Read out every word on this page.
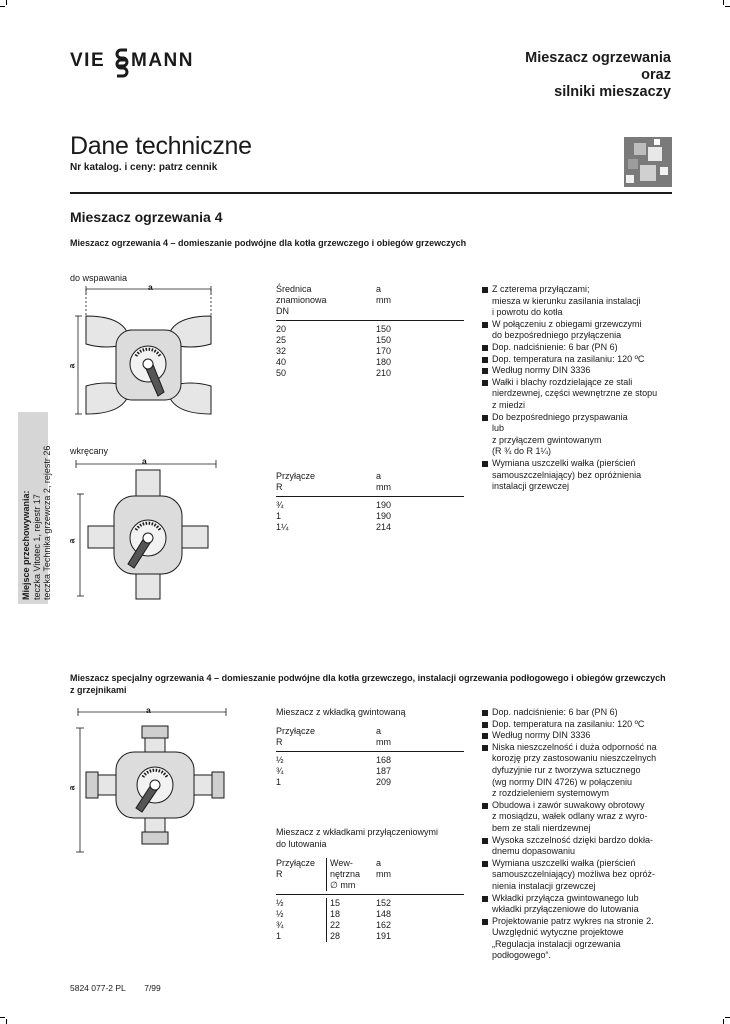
VIE MANN	Mieszacz ogrzewania
oraz
silniki mieszaczy
Dane techniczne
Nr katalog. i ceny: patrz cennik
Mieszacz ogrzewania 4
Mieszacz ogrzewania 4 – domieszanie podwójne dla kotła grzewczego i obiegów grzewczych
Miejsce przechowywania: teczka Vitotec 1, rejestr 17 teczka Technika grzewcza 2, rejestr 26
do wspawania
a
a
Średnica
znamionowa
DN
a
mm
20	150
25	150
32	170
40	180
50	210
wkręcany
a
a
Przyłącze
R
a
mm
¾	190
1	190
1¼	214
Z czterema przyłączami;
miesza w kierunku zasilania instalacji
i powrotu do kotła
W połączeniu z obiegami grzewczymi
do bezpośredniego przyłączenia
Dop. nadciśnienie: 6 bar (PN 6)
Dop. temperatura na zasilaniu: 120 ºC
Według normy DIN 3336
Wałki i blachy rozdzielające ze stali
nierdzewnej, części wewnętrzne ze stopu
z miedzi
Do bezpośredniego przyspawania
lub
z przyłączem gwintowanym
(R ¾ do R 1¼)
Wymiana uszczelki wałka (pierścień
samouszczelniający) bez opróżnienia
instalacji grzewczej
Mieszacz specjalny ogrzewania 4 – domieszanie podwójne dla kotła grzewczego, instalacji ogrzewania podłogowego i obiegów grzewczych z grzejnikami
a
a
Mieszacz z wkładką gwintowaną
Przyłącze
R
a
mm
½	168
¾	187
1	209
Mieszacz z wkładkami przyłączeniowymi
do lutowania
Przyłącze
R
Wew-
nętrzna
∅ mm
a
mm
½	15	152
½	18	148
¾	22	162
1	28	191
Dop. nadciśnienie: 6 bar (PN 6)
Dop. temperatura na zasilaniu: 120 ºC
Według normy DIN 3336
Niska nieszczelność i duża odporność na
korozję przy zastosowaniu nieszczelnych
dyfuzyjnie rur z tworzywa sztucznego
(wg normy DIN 4726) w połączeniu
z rozdzieleniem systemowym
Obudowa i zawór suwakowy obrotowy
z mosiądzu, wałek odlany wraz z wyro-
bem ze stali nierdzewnej
Wysoka szczelność dzięki bardzo dokła-
dnemu dopasowaniu
Wymiana uszczelki wałka (pierścień
samouszczelniający) możliwa bez opróż-
nienia instalacji grzewczej
Wkładki przyłącza gwintowanego lub
wkładki przyłączeniowe do lutowania
Projektowanie patrz wykres na stronie 2.
Uwzględnić wytyczne projektowe
„Regulacja instalacji ogrzewania
podłogowego“.
5824 077-2 PL 7/99
